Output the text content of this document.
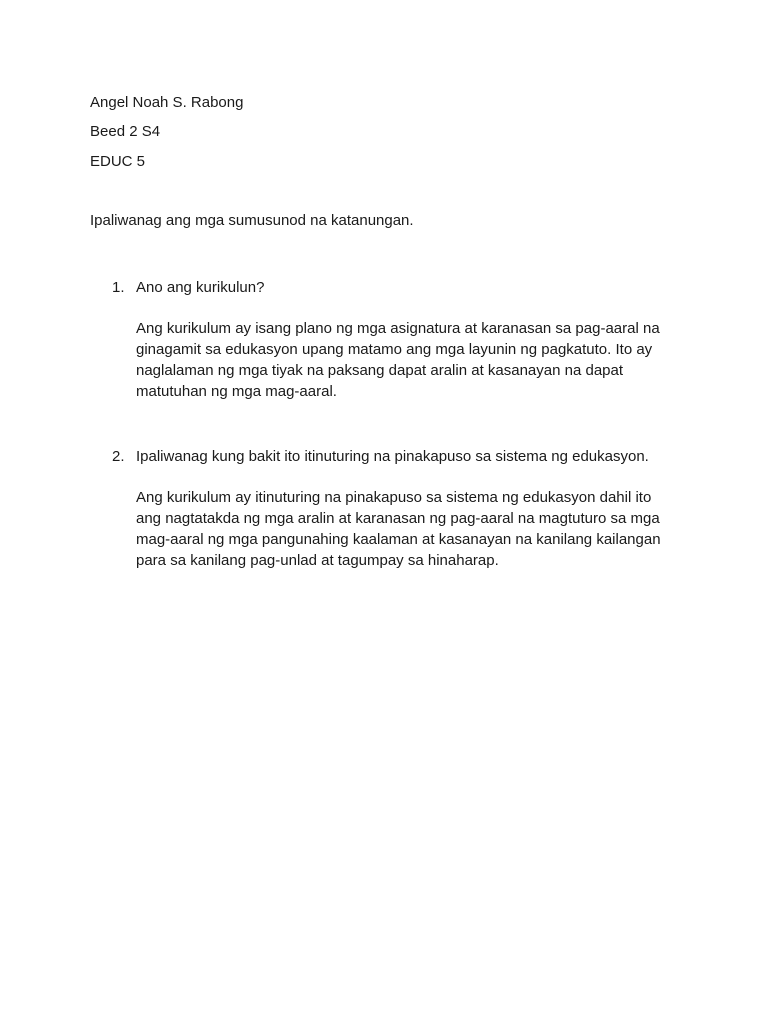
Angel Noah S. Rabong

Beed 2 S4

EDUC 5

Ipaliwanag ang mga sumusunod na katanungan.

1. Ano ang kurikulun?

Ang kurikulum ay isang plano ng mga asignatura at karanasan sa pag-aaral na ginagamit sa edukasyon upang matamo ang mga layunin ng pagkatuto. Ito ay naglalaman ng mga tiyak na paksang dapat aralin at kasanayan na dapat matutuhan ng mga mag-aaral.

2. Ipaliwanag kung bakit ito itinuturing na pinakapuso sa sistema ng edukasyon.

Ang kurikulum ay itinuturing na pinakapuso sa sistema ng edukasyon dahil ito ang nagtatakda ng mga aralin at karanasan ng pag-aaral na magtuturo sa mga mag-aaral ng mga pangunahing kaalaman at kasanayan na kanilang kailangan para sa kanilang pag-unlad at tagumpay sa hinaharap.
